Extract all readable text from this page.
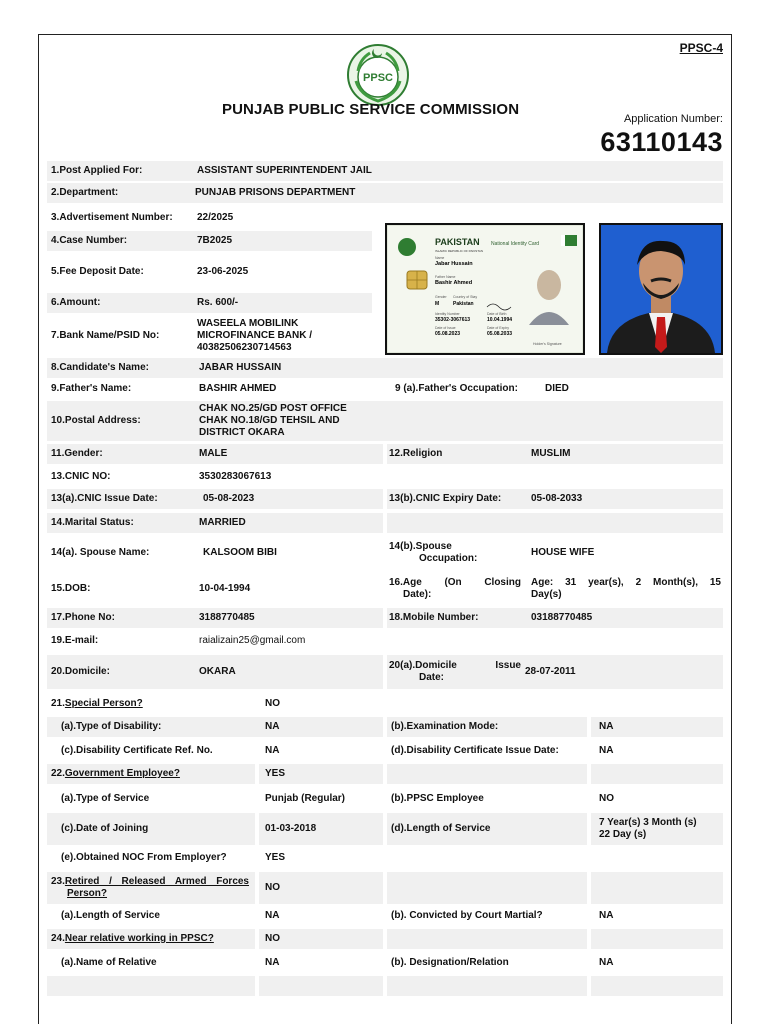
PPSC-4
PPSC
PUNJAB PUBLIC SERVICE COMMISSION
Application Number:
63110143
1.Post Applied For:	ASSISTANT SUPERINTENDENT JAIL
2.Department:	PUNJAB PRISONS DEPARTMENT
3.Advertisement Number: 22/2025
4.Case Number:	7B2025
5.Fee Deposit Date:	23-06-2025
6.Amount:	Rs. 600/-
7.Bank Name/PSID No:
WASEELA MOBILINK
MICROFINANCE BANK /
40382506230714563
8.Candidate's Name:	JABAR HUSSAIN
9.Father's Name:	BASHIR AHMED	9 (a).Father's Occupation:	DIED
10.Postal Address:
CHAK NO.25/GD POST OFFICE
CHAK NO.18/GD TEHSIL AND
DISTRICT OKARA
11.Gender:	MALE	12.Religion	MUSLIM
13.CNIC NO:	3530283067613
13(a).CNIC Issue Date:	05-08-2023	13(b).CNIC Expiry Date:	05-08-2033
14.Marital Status:	MARRIED
14(a). Spouse Name:	KALSOOM BIBI
14(b).Spouse
Occupation:
HOUSE WIFE
15.DOB:	10-04-1994
16.Age (On Closing
Date):
Age: 31 year(s), 2 Month(s), 15
Day(s)
17.Phone No:	3188770485	18.Mobile Number:	03188770485
19.E-mail:	raializain25@gmail.com
20.Domicile:	OKARA
20(a).Domicile	Issue
Date:
28-07-2011
21. Special Person?	NO
(a).Type of Disability:	NA	(b).Examination Mode:	NA
(c).Disability Certificate Ref. No.	NA	(d).Disability Certificate Issue Date:	NA
22. Government Employee?	YES
(a).Type of Service	Punjab (Regular)	(b).PPSC Employee	NO
(c).Date of Joining	01-03-2018	(d).Length of Service
7 Year(s) 3 Month (s)
22 Day (s)
(e).Obtained NOC From Employer?	YES
23. Retired / Released Armed Forces
Person?
NO
(a).Length of Service	NA	(b). Convicted by Court Martial?	NA
24. Near relative working in PPSC?	NO
(a).Name of Relative	NA	(b). Designation/Relation	NA
PAKISTAN
ISLAMIC REPUBLIC OF PAKISTAN
National Identity Card
Name
Jabar Hussain
Father Name
Bashir Ahmed
Gender Country of Stay
M	Pakistan
Identity Number	Date of Birth
35302-3067613	10.04.1994
Date of Issue	Date of Expiry
05.08.2023	05.08.2033
Holder's Signature
